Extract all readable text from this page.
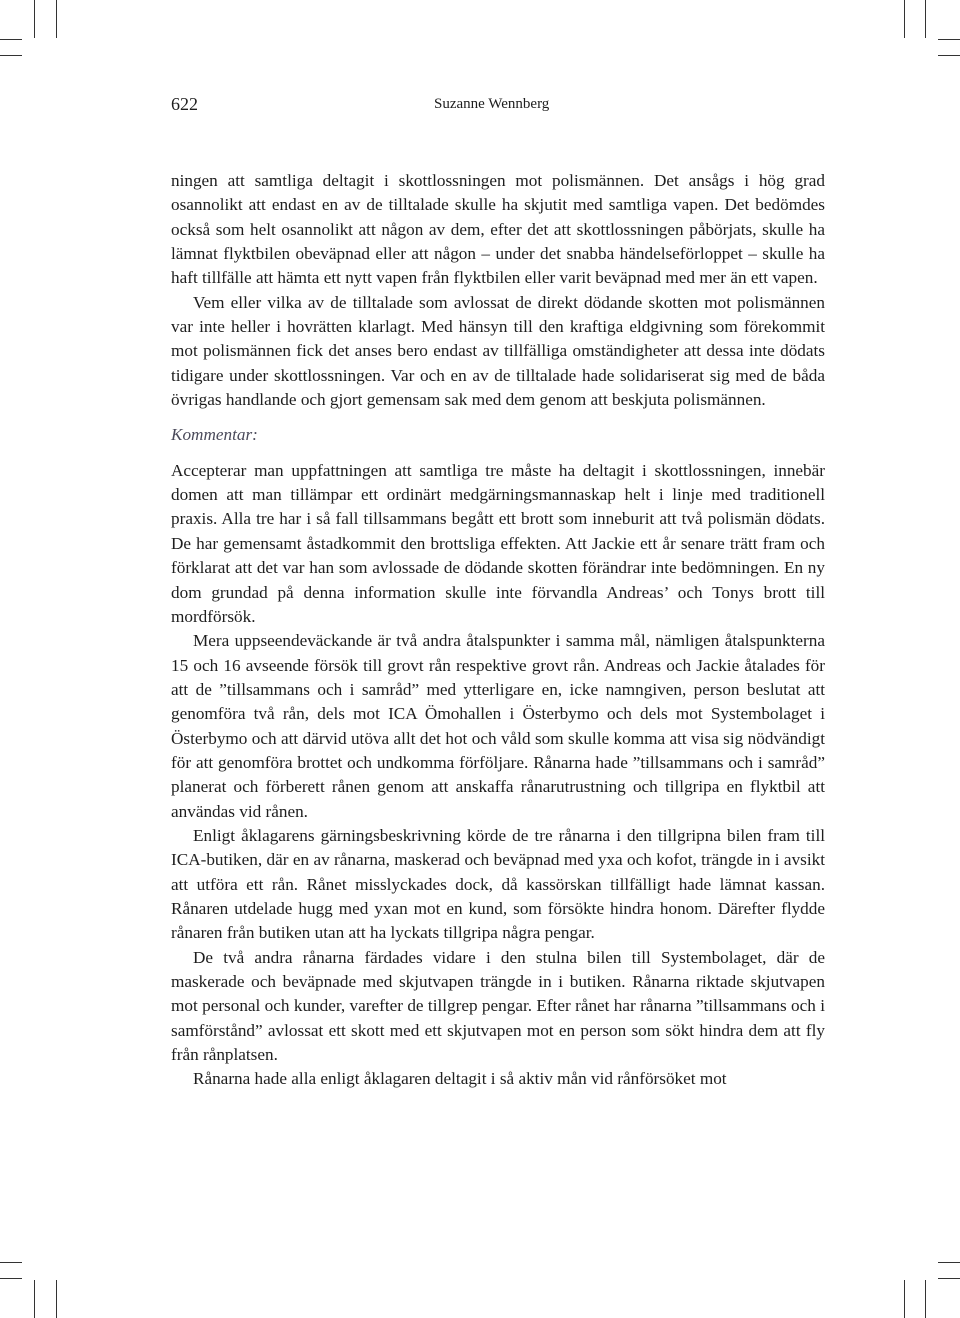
622	Suzanne Wennberg

ningen att samtliga deltagit i skottlossningen mot polismännen. Det ansågs i hög grad osannolikt att endast en av de tilltalade skulle ha skjutit med samtliga vapen. Det bedömdes också som helt osannolikt att någon av dem, efter det att skottlossningen påbörjats, skulle ha lämnat flyktbilen obeväpnad eller att någon – under det snabba händelseförloppet – skulle ha haft tillfälle att hämta ett nytt vapen från flyktbilen eller varit beväpnad med mer än ett vapen.

Vem eller vilka av de tilltalade som avlossat de direkt dödande skotten mot polismännen var inte heller i hovrätten klarlagt. Med hänsyn till den kraftiga eldgivning som förekommit mot polismännen fick det anses bero endast av tillfälliga omständigheter att dessa inte dödats tidigare under skottlossningen. Var och en av de tilltalade hade solidariserat sig med de båda övrigas handlande och gjort gemensam sak med dem genom att beskjuta polismännen.

Kommentar:

Accepterar man uppfattningen att samtliga tre måste ha deltagit i skottlossningen, innebär domen att man tillämpar ett ordinärt medgärningsmannaskap helt i linje med traditionell praxis. Alla tre har i så fall tillsammans begått ett brott som inneburit att två polismän dödats. De har gemensamt åstadkommit den brottsliga effekten. Att Jackie ett år senare trätt fram och förklarat att det var han som avlossade de dödande skotten förändrar inte bedömningen. En ny dom grundad på denna information skulle inte förvandla Andreas’ och Tonys brott till mordförsök.

Mera uppseendeväckande är två andra åtalspunkter i samma mål, nämligen åtalspunkterna 15 och 16 avseende försök till grovt rån respektive grovt rån. Andreas och Jackie åtalades för att de ”tillsammans och i samråd” med ytterligare en, icke namngiven, person beslutat att genomföra två rån, dels mot ICA Ömohallen i Österbymo och dels mot Systembolaget i Österbymo och att därvid utöva allt det hot och våld som skulle komma att visa sig nödvändigt för att genomföra brottet och undkomma förföljare. Rånarna hade ”tillsammans och i samråd” planerat och förberett rånen genom att anskaffa rånarutrustning och tillgripa en flyktbil att användas vid rånen.

Enligt åklagarens gärningsbeskrivning körde de tre rånarna i den tillgripna bilen fram till ICA-butiken, där en av rånarna, maskerad och beväpnad med yxa och kofot, trängde in i avsikt att utföra ett rån. Rånet misslyckades dock, då kassörskan tillfälligt hade lämnat kassan. Rånaren utdelade hugg med yxan mot en kund, som försökte hindra honom. Därefter flydde rånaren från butiken utan att ha lyckats tillgripa några pengar.

De två andra rånarna färdades vidare i den stulna bilen till Systembolaget, där de maskerade och beväpnade med skjutvapen trängde in i butiken. Rånarna riktade skjutvapen mot personal och kunder, varefter de tillgrep pengar. Efter rånet har rånarna ”tillsammans och i samförstånd” avlossat ett skott med ett skjutvapen mot en person som sökt hindra dem att fly från rånplatsen.

Rånarna hade alla enligt åklagaren deltagit i så aktiv mån vid rånförsöket mot
